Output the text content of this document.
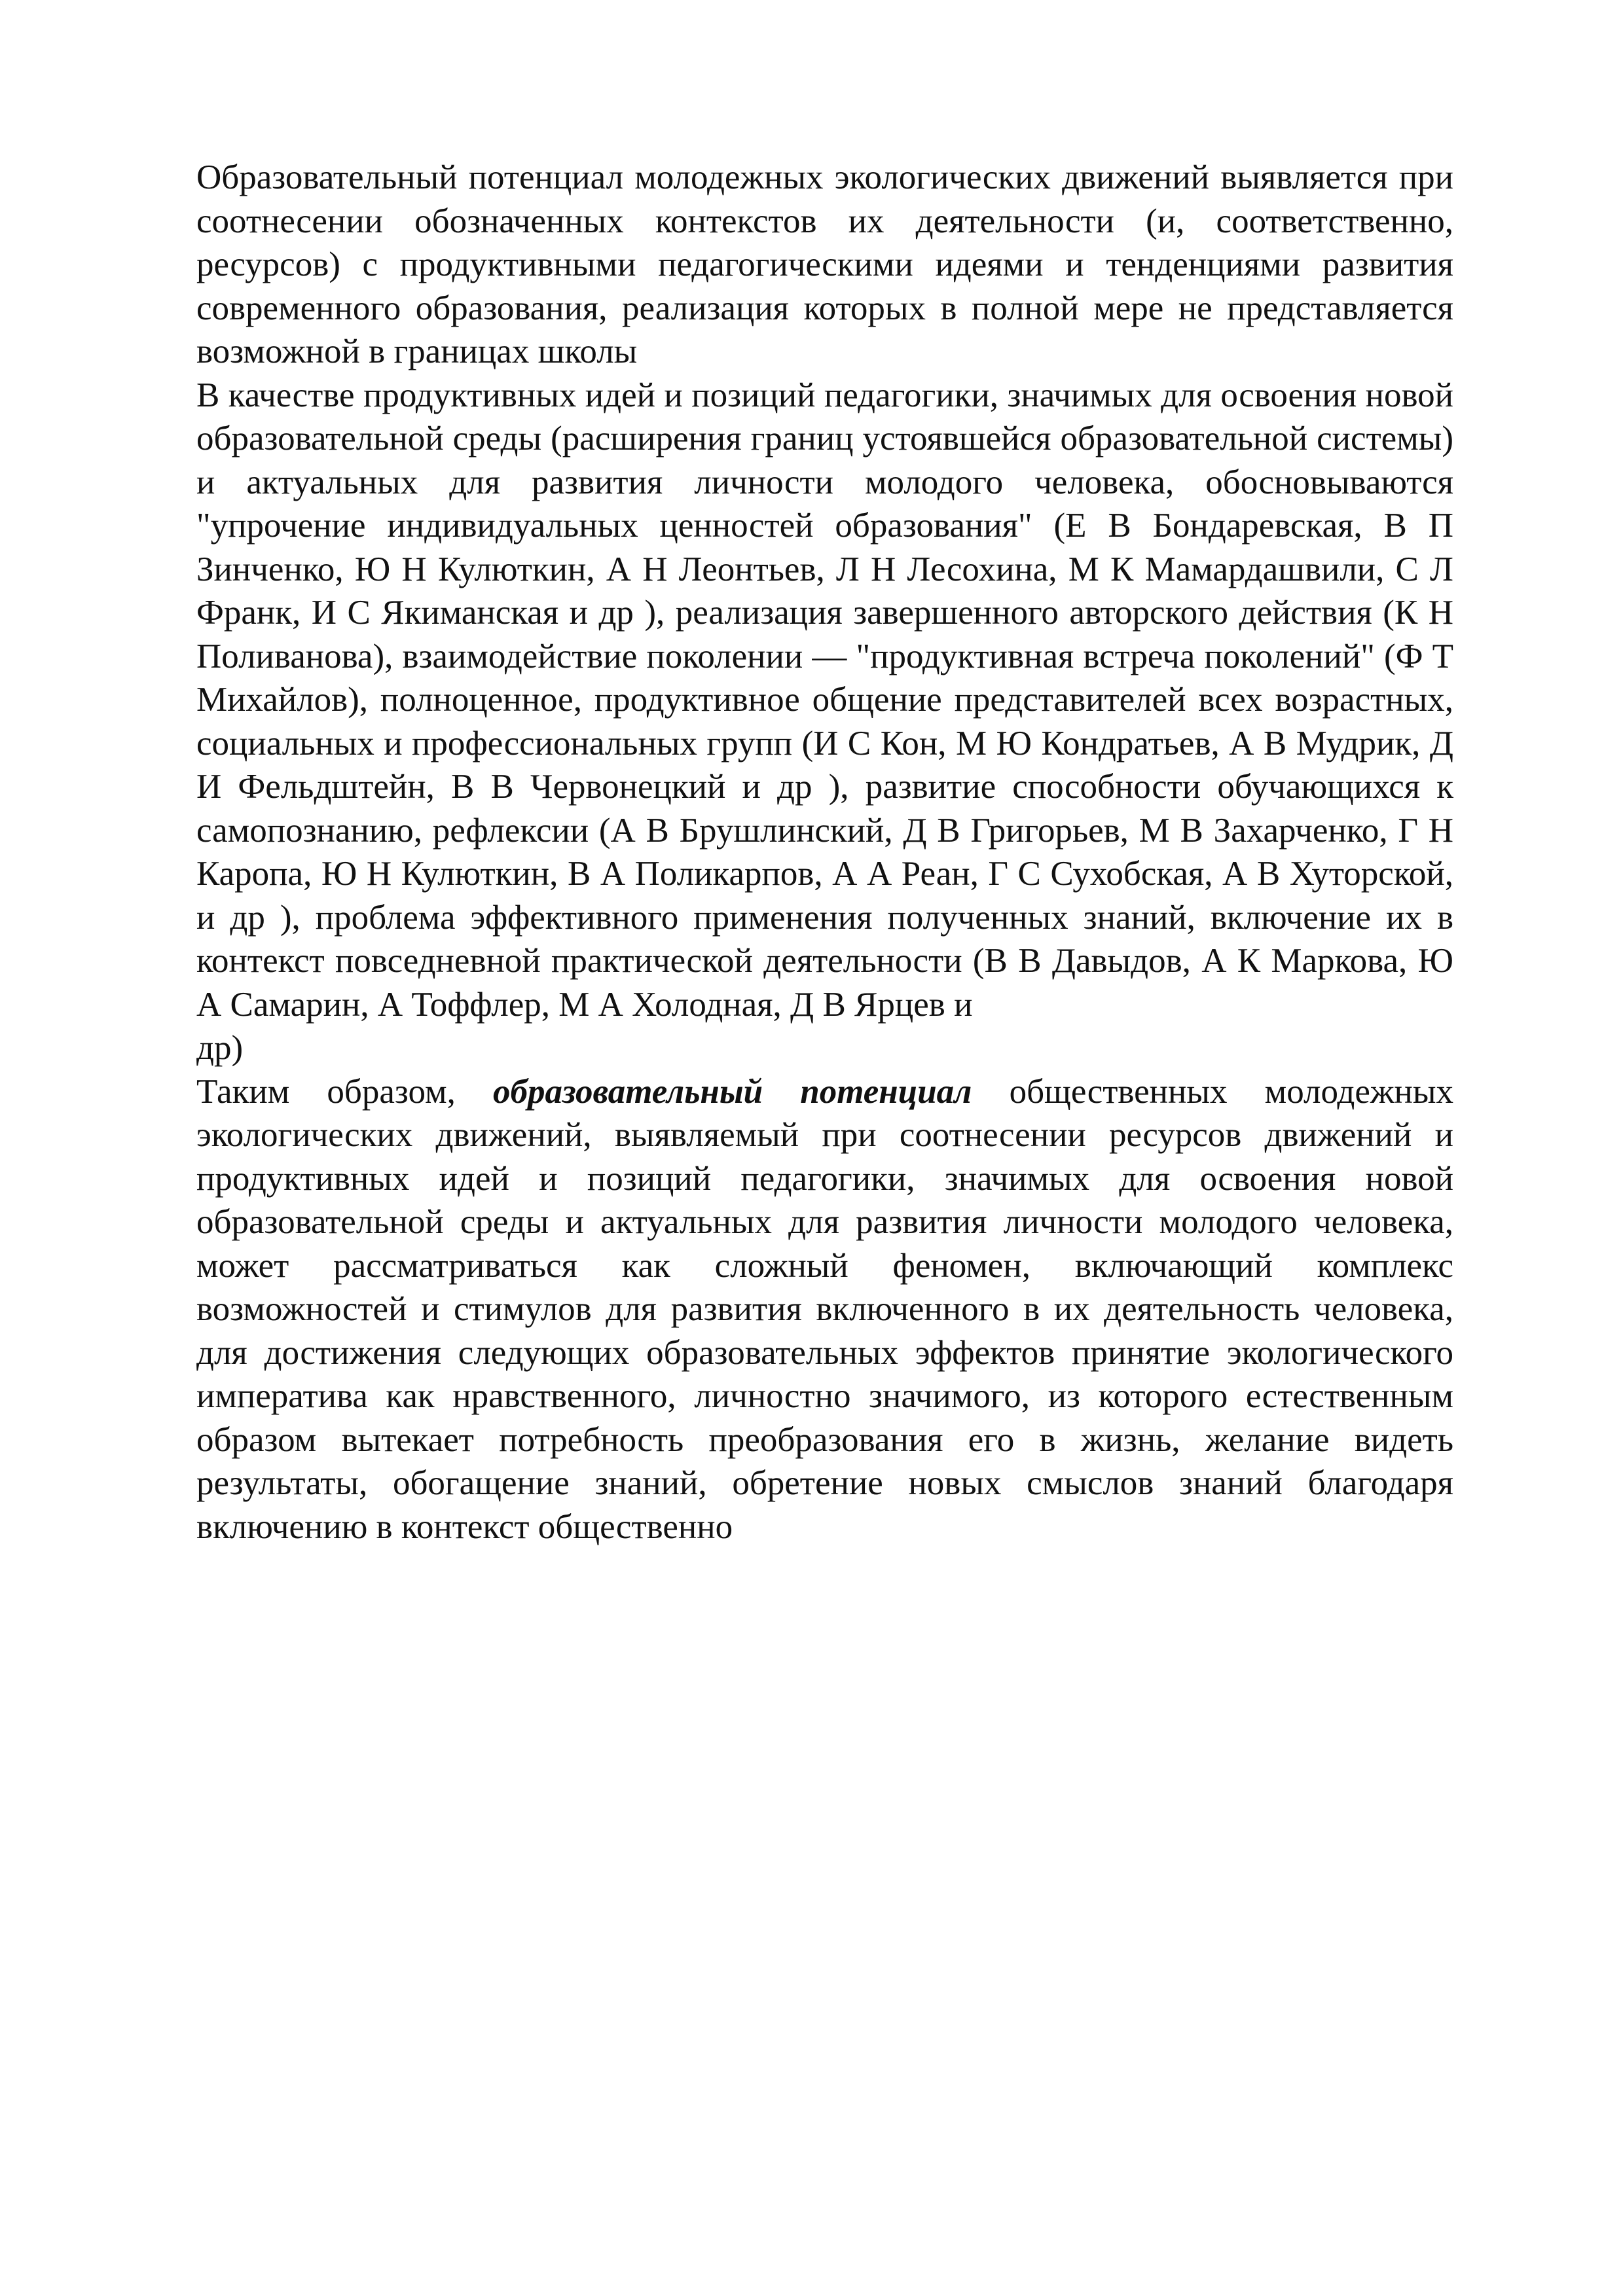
Образовательный потенциал молодежных экологических движений выявляется при соотнесении обозначенных контекстов их деятельности (и, соответственно, ресурсов) с продуктивными педагогическими идеями и тенденциями развития современного образования, реализация которых в полной мере не представляется возможной в границах школы

В качестве продуктивных идей и позиций педагогики, значимых для освоения новой образовательной среды (расширения границ устоявшейся образовательной системы) и актуальных для развития личности молодого человека, обосновываются "упрочение индивидуальных ценностей образования" (Е В Бондаревская, В П Зинченко, Ю Н Кулюткин, А Н Леонтьев, Л Н Лесохина, М К Мамардашвили, С Л Франк, И С Якиманская и др ), реализация завершенного авторского действия (К Н Поливанова), взаимодействие поколении — "продуктивная встреча поколений" (Ф Т Михайлов), полноценное, продуктивное общение представителей всех возрастных, социальных и профессиональных групп (И С Кон, М Ю Кондратьев, А В Мудрик, Д И Фельдштейн, В В Червонецкий и др ), развитие способности обучающихся к самопознанию, рефлексии (А В Брушлинский, Д В Григорьев, М В Захарченко, Г Н Каропа, Ю Н Кулюткин, В А Поликарпов, А А Реан, Г С Сухобская, А В Хуторской, и др ), проблема эффективного применения полученных знаний, включение их в контекст повседневной практической деятельности (В В Давыдов, А К Маркова, Ю А Самарин, А Тоффлер, М А Холодная, Д В Ярцев и

др)

Таким образом, образовательный потенциал общественных молодежных экологических движений, выявляемый при соотнесении ресурсов движений и продуктивных идей и позиций педагогики, значимых для освоения новой образовательной среды и актуальных для развития личности молодого человека, может рассматриваться как сложный феномен, включающий комплекс возможностей и стимулов для развития включенного в их деятельность человека, для достижения следующих образовательных эффектов принятие экологического императива как нравственного, личностно значимого, из которого естественным образом вытекает потребность преобразования его в жизнь, желание видеть результаты, обогащение знаний, обретение новых смыслов знаний благодаря включению в контекст общественно
